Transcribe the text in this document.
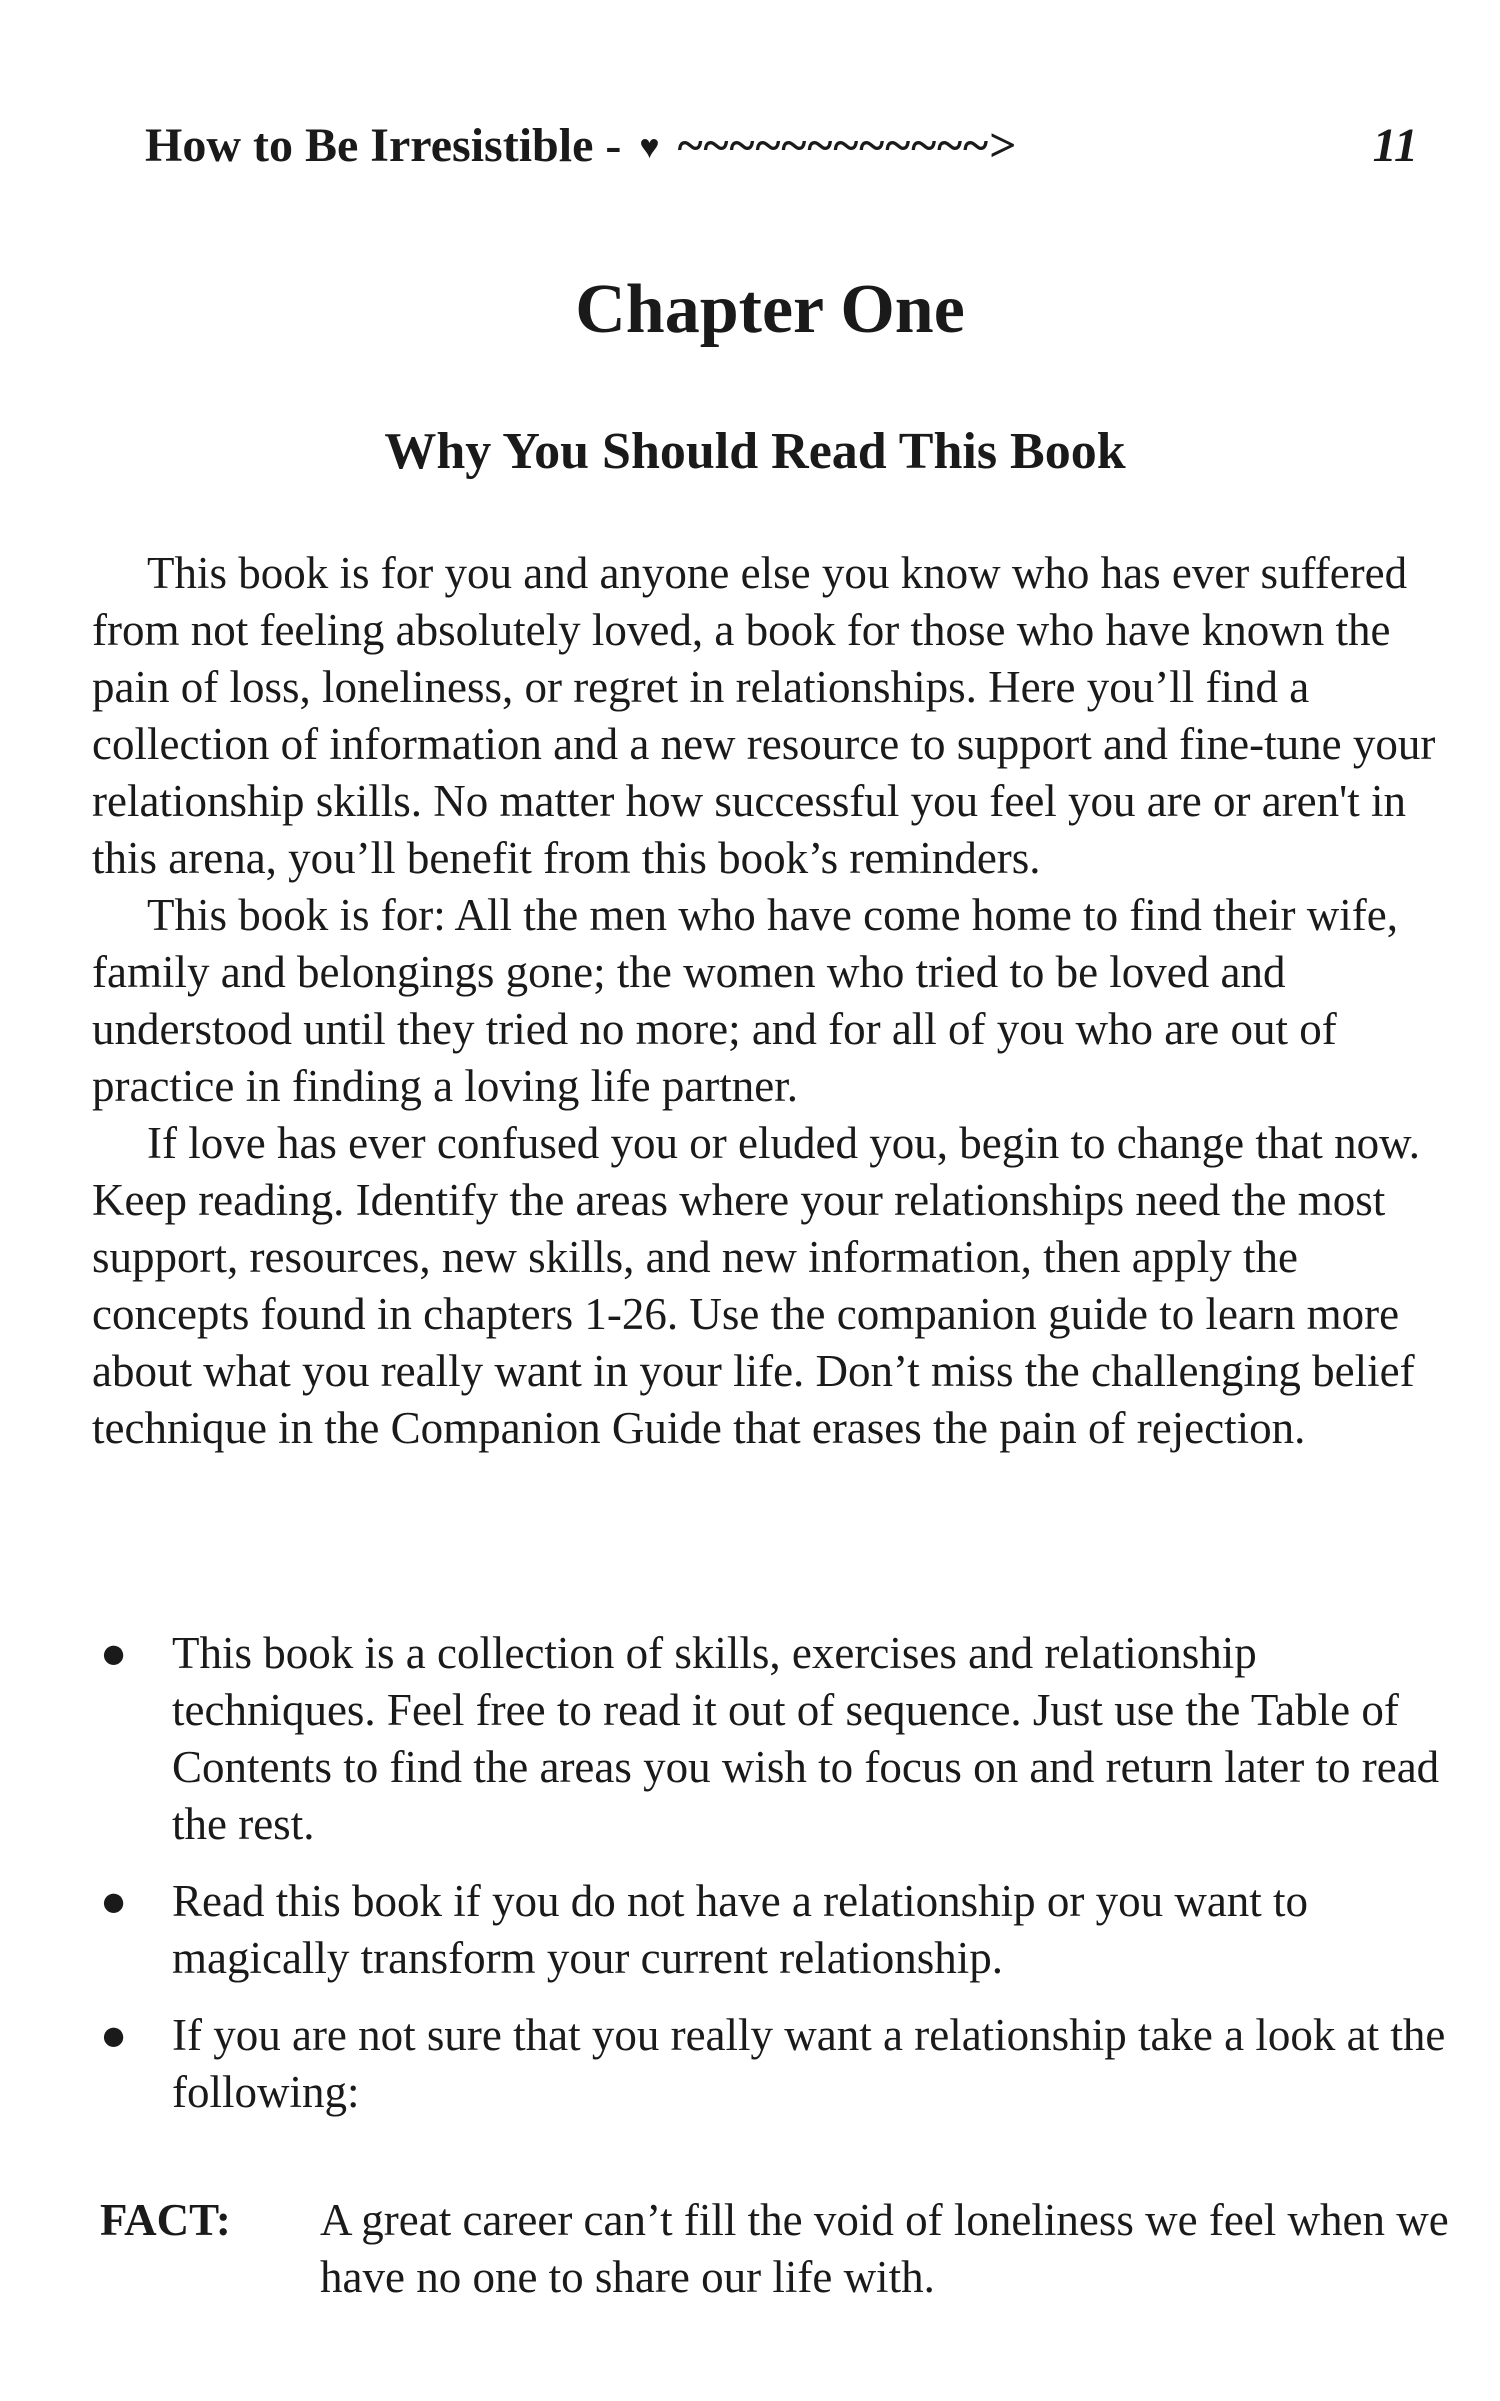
How to Be Irresistible - ♥ ~~~~~~~~~~~~>	11
Chapter One
Why You Should Read This Book

This book is for you and anyone else you know who has ever suffered from not feeling absolutely loved, a book for those who have known the pain of loss, loneliness, or regret in relationships. Here you’ll find a collection of information and a new resource to support and fine-tune your relationship skills. No matter how successful you feel you are or aren't in this arena, you’ll benefit from this book’s reminders.

This book is for: All the men who have come home to find their wife, family and belongings gone; the women who tried to be loved and understood until they tried no more; and for all of you who are out of practice in finding a loving life partner.

If love has ever confused you or eluded you, begin to change that now. Keep reading. Identify the areas where your relationships need the most support, resources, new skills, and new information, then apply the concepts found in chapters 1-26. Use the companion guide to learn more about what you really want in your life. Don’t miss the challenging belief technique in the Companion Guide that erases the pain of rejection.

● This book is a collection of skills, exercises and relationship techniques. Feel free to read it out of sequence. Just use the Table of Contents to find the areas you wish to focus on and return later to read the rest.
● Read this book if you do not have a relationship or you want to magically transform your current relationship.
● If you are not sure that you really want a relationship take a look at the following:
FACT: A great career can’t fill the void of loneliness we feel when we have no one to share our life with.
